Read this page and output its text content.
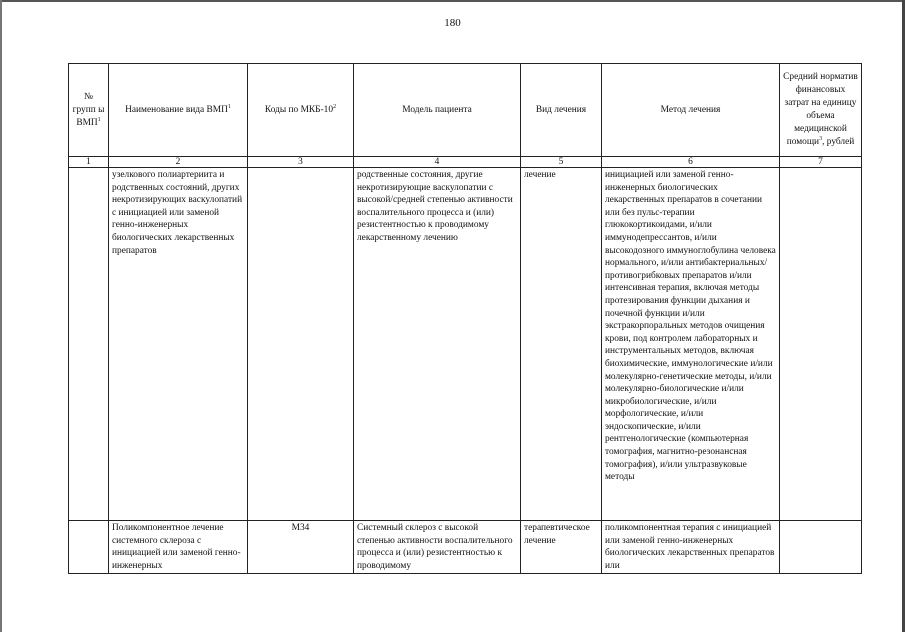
180
№ групп ы ВМП$^1$	Наименование вида ВМП$^1$	Коды по МКБ-$10^2$	Модель пациента	Вид лечения	Метод лечения	Средний норматив финансовых затрат на единицу объема медицинской помощи$^3$, рублей
1	2	3	4	5	6	7
	узелкового полиартериита и родственных состояний, других некротизирующих васкулопатий с инициацией или заменой генно-инженерных биологических лекарственных препаратов		родственные состояния, другие некротизирующие васкулопатии с высокой/средней степенью активности воспалительного процесса и (или) резистентностью к проводимому лекарственному лечению	лечение	инициацией или заменой генно-инженерных биологических лекарственных препаратов в сочетании или без пульс-терапии глюкокортикоидами, и/или иммунодепрессантов, и/или высокодозного иммуноглобулина человека нормального, и/или антибактериальных/противогрибковых препаратов и/или интенсивная терапия, включая методы протезирования функции дыхания и почечной функции и/или экстракорпоральных методов очищения крови, под контролем лабораторных и инструментальных методов, включая биохимические, иммунологические и/или молекулярно-генетические методы, и/или молекулярно-биологические и/или микробиологические, и/или морфологические, и/или эндоскопические, и/или рентгенологические (компьютерная томография, магнитно-резонансная томография), и/или ультразвуковые методы	
	Поликомпонентное лечение системного склероза с инициацией или заменой генно-инженерных	M34	Системный склероз с высокой степенью активности воспалительного процесса и (или) резистентностью к проводимому	терапевтическое лечение	поликомпонентная терапия с инициацией или заменой генно-инженерных биологических лекарственных препаратов или	
